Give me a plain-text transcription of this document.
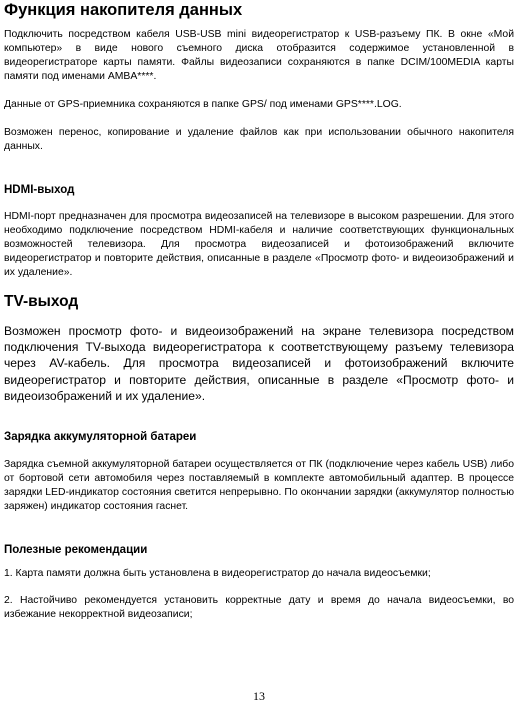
Функция накопителя данных

Подключить посредством кабеля USB-USB mini видеорегистратор к USB-разъему ПК. В окне «Мой компьютер» в виде нового съемного диска отобразится содержимое установленной в видеорегистраторе карты памяти. Файлы видеозаписи сохраняются в папке DCIM/100MEDIA карты памяти под именами AMBA****.

Данные от GPS-приемника сохраняются в папке GPS/ под именами GPS****.LOG.

Возможен перенос, копирование и удаление файлов как при использовании обычного накопителя данных.

HDMI-выход

HDMI-порт предназначен для просмотра видеозаписей на телевизоре в высоком разрешении. Для этого необходимо подключение посредством HDMI-кабеля и наличие соответствующих функциональных возможностей телевизора. Для просмотра видеозаписей и фотоизображений включите видеорегистратор и повторите действия, описанные в разделе «Просмотр фото- и видеоизображений и их удаление».

TV-выход

Возможен просмотр фото- и видеоизображений на экране телевизора посредством подключения TV-выхода видеорегистратора к соответствующему разъему телевизора через AV-кабель. Для просмотра видеозаписей и фотоизображений включите видеорегистратор и повторите действия, описанные в разделе «Просмотр фото- и видеоизображений и их удаление».

Зарядка аккумуляторной батареи

Зарядка съемной аккумуляторной батареи осуществляется от ПК (подключение через кабель USB) либо от бортовой сети автомобиля через поставляемый в комплекте автомобильный адаптер. В процессе зарядки LED-индикатор состояния светится непрерывно. По окончании зарядки (аккумулятор полностью заряжен) индикатор состояния гаснет.

Полезные рекомендации

1. Карта памяти должна быть установлена в видеорегистратор до начала видеосъемки;

2. Настойчиво рекомендуется установить корректные дату и время до начала видеосъемки, во избежание некорректной видеозаписи;

13
